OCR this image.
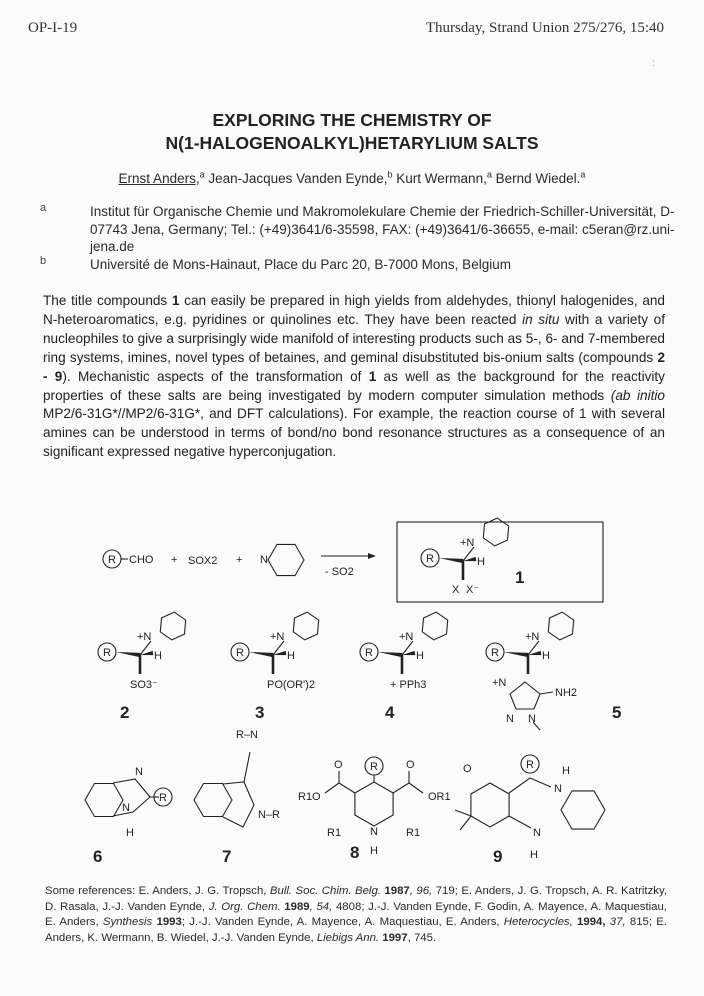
OP-I-19	Thursday, Strand Union 275/276, 15:40
:
EXPLORING THE CHEMISTRY OF
N(1-HALOGENOALKYL)HETARYLIUM SALTS
Ernst Anders,$^a$ Jean-Jacques Vanden Eynde,$^b$ Kurt Wermann,$^a$ Bernd Wiedel.$^a$
a	Institut für Organische Chemie und Makromolekulare Chemie der Friedrich-Schiller-Universität, D-07743 Jena, Germany; Tel.: (+49)3641/6-35598, FAX: (+49)3641/6-36655, e-mail: c5eran@rz.uni-jena.de
b	Université de Mons-Hainaut, Place du Parc 20, B-7000 Mons, Belgium
The title compounds 1 can easily be prepared in high yields from aldehydes, thionyl halogenides, and N-heteroaromatics, e.g. pyridines or quinolines etc. They have been reacted in situ with a variety of nucleophiles to give a surprisingly wide manifold of interesting products such as 5-, 6- and 7-membered ring systems, imines, novel types of betaines, and geminal disubstituted bis-onium salts (compounds 2 - 9). Mechanistic aspects of the transformation of 1 as well as the background for the reactivity properties of these salts are being investigated by modern computer simulation methods (ab initio MP2/6-31G*//MP2/6-31G*, and DFT calculations). For example, the reaction course of 1 with several amines can be understood in terms of bond/no bond resonance structures as a consequence of an significant expressed negative hyperconjugation.
R CHO + SOX2 + N
- SO2
N
N
H
R–N
N–R
O	O
R1O	OR1
R1	R1
N
H
O
N
H
N
H
6	7	8	9
R
+N
H
1
X X⁻
R
+N
H
SO3⁻
2
R
+N
H
PO(OR')2
3
R
+N
H
+ PPh3
4
R
+N
H
5
+N
NH2
N N
R
R	R
Some references: E. Anders, J. G. Tropsch, Bull. Soc. Chim. Belg. 1987, 96, 719; E. Anders, J. G. Tropsch, A. R. Katritzky, D. Rasala, J.-J. Vanden Eynde, J. Org. Chem. 1989, 54, 4808; J.-J. Vanden Eynde, F. Godin, A. Mayence, A. Maquestiau, E. Anders, Synthesis 1993; J.-J. Vanden Eynde, A. Mayence, A. Maquestiau, E. Anders, Heterocycles, 1994, 37, 815; E. Anders, K. Wermann, B. Wiedel, J.-J. Vanden Eynde, Liebigs Ann. 1997, 745.
